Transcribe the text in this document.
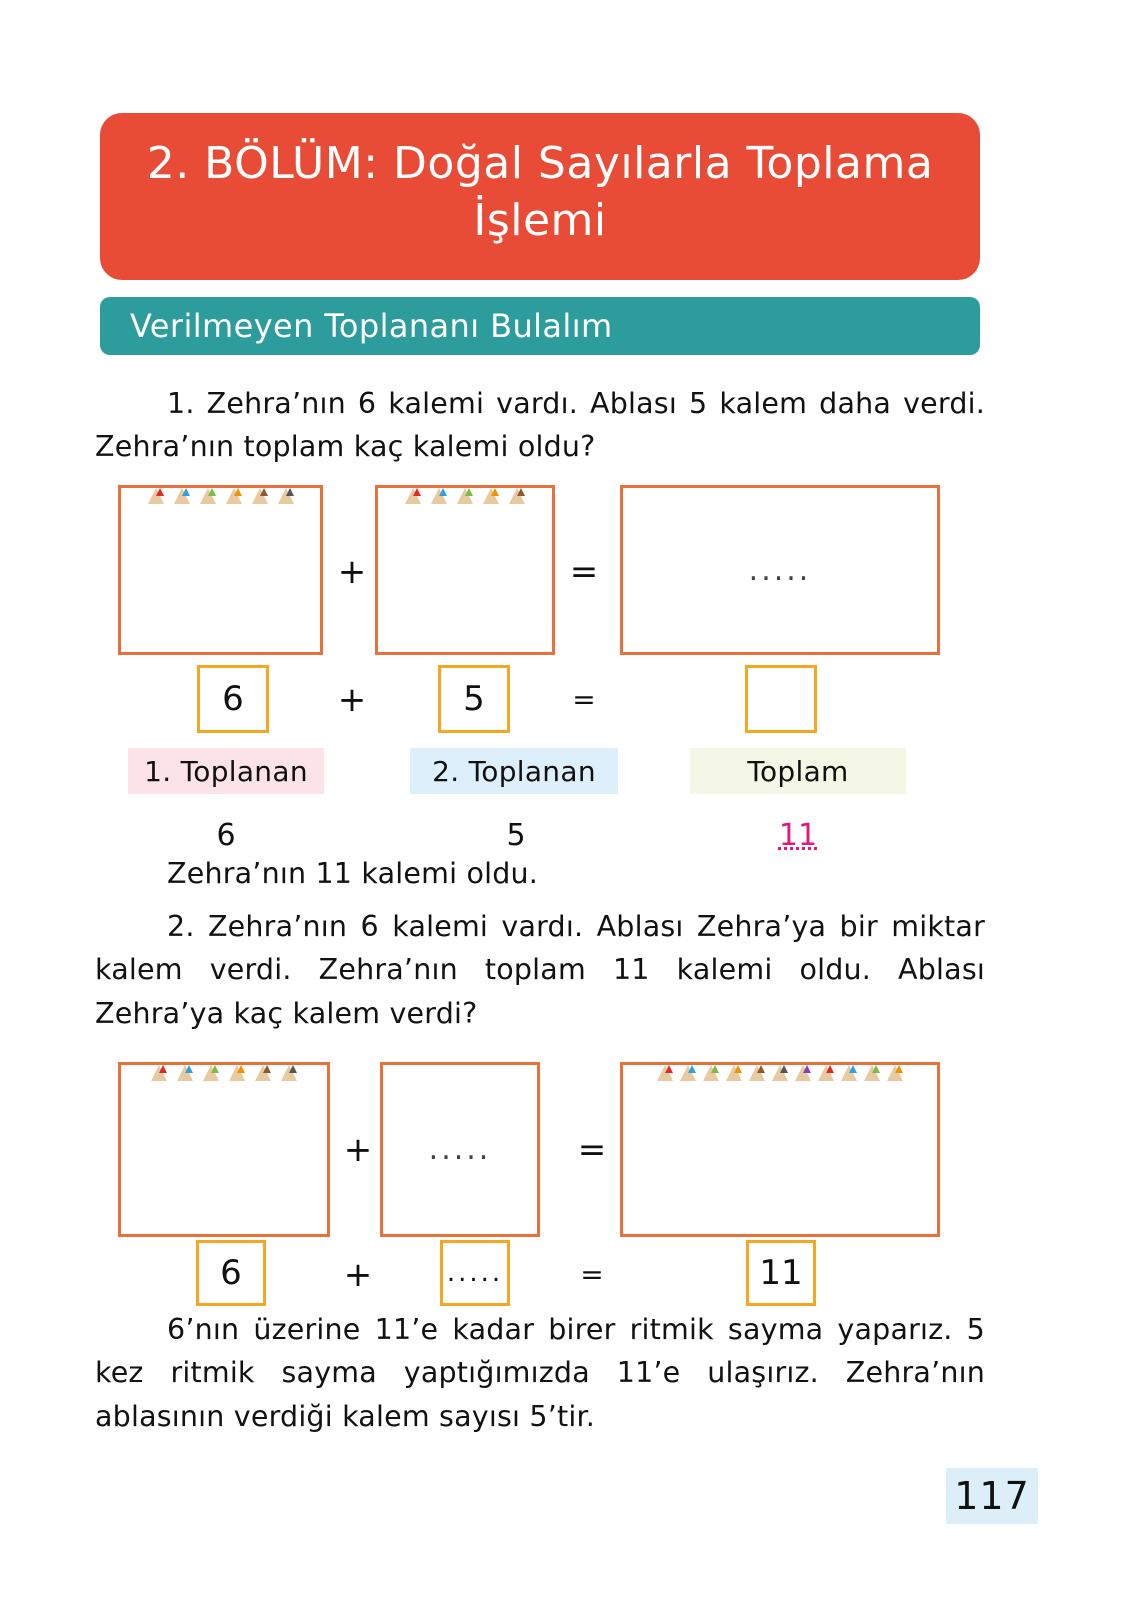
2. BÖLÜM: Doğal Sayılarla Toplama İşlemi
Verilmeyen Toplananı Bulalım
1. Zehra’nın 6 kalemi vardı. Ablası 5 kalem daha verdi. Zehra’nın toplam kaç kalemi oldu?
+	=	.....
6	+	5	=
1. Toplanan	2. Toplanan	Toplam
6	5	11
Zehra’nın 11 kalemi oldu.
2. Zehra’nın 6 kalemi vardı. Ablası Zehra’ya bir miktar kalem verdi. Zehra’nın toplam 11 kalemi oldu. Ablası Zehra’ya kaç kalem verdi?
+ .....	=
6	+	.....	=	11
6’nın üzerine 11’e kadar birer ritmik sayma yaparız. 5 kez ritmik sayma yaptığımızda 11’e ulaşırız. Zehra’nın ablasının verdiği kalem sayısı 5’tir.
117
